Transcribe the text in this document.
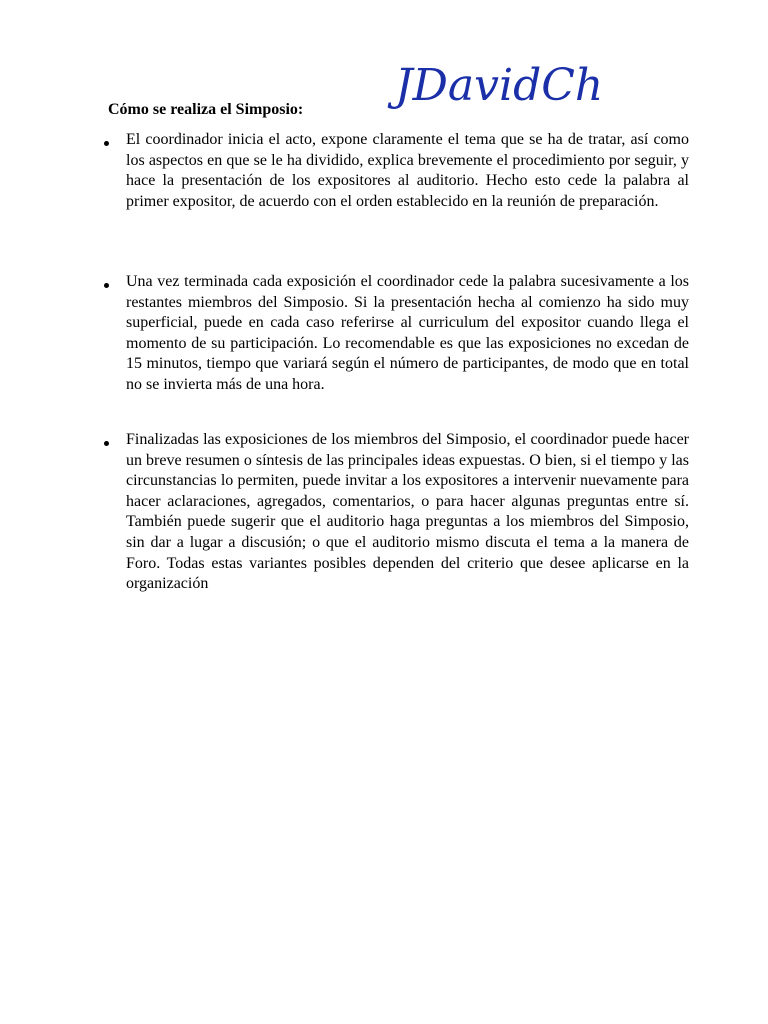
Cómo se realiza el Simposio: JDavidCh

El coordinador inicia el acto, expone claramente el tema que se ha de tratar, así como los aspectos en que se le ha dividido, explica brevemente el procedimiento por seguir, y hace la presentación de los expositores al auditorio. Hecho esto cede la palabra al primer expositor, de acuerdo con el orden establecido en la reunión de preparación.

Una vez terminada cada exposición el coordinador cede la palabra sucesivamente a los restantes miembros del Simposio. Si la presentación hecha al comienzo ha sido muy superficial, puede en cada caso referirse al curriculum del expositor cuando llega el momento de su participación. Lo recomendable es que las exposiciones no excedan de 15 minutos, tiempo que variará según el número de participantes, de modo que en total no se invierta más de una hora.

Finalizadas las exposiciones de los miembros del Simposio, el coordinador puede hacer un breve resumen o síntesis de las principales ideas expuestas. O bien, si el tiempo y las circunstancias lo permiten, puede invitar a los expositores a intervenir nuevamente para hacer aclaraciones, agregados, comentarios, o para hacer algunas preguntas entre sí. También puede sugerir que el auditorio haga preguntas a los miembros del Simposio, sin dar a lugar a discusión; o que el auditorio mismo discuta el tema a la manera de Foro. Todas estas variantes posibles dependen del criterio que desee aplicarse en la organización
